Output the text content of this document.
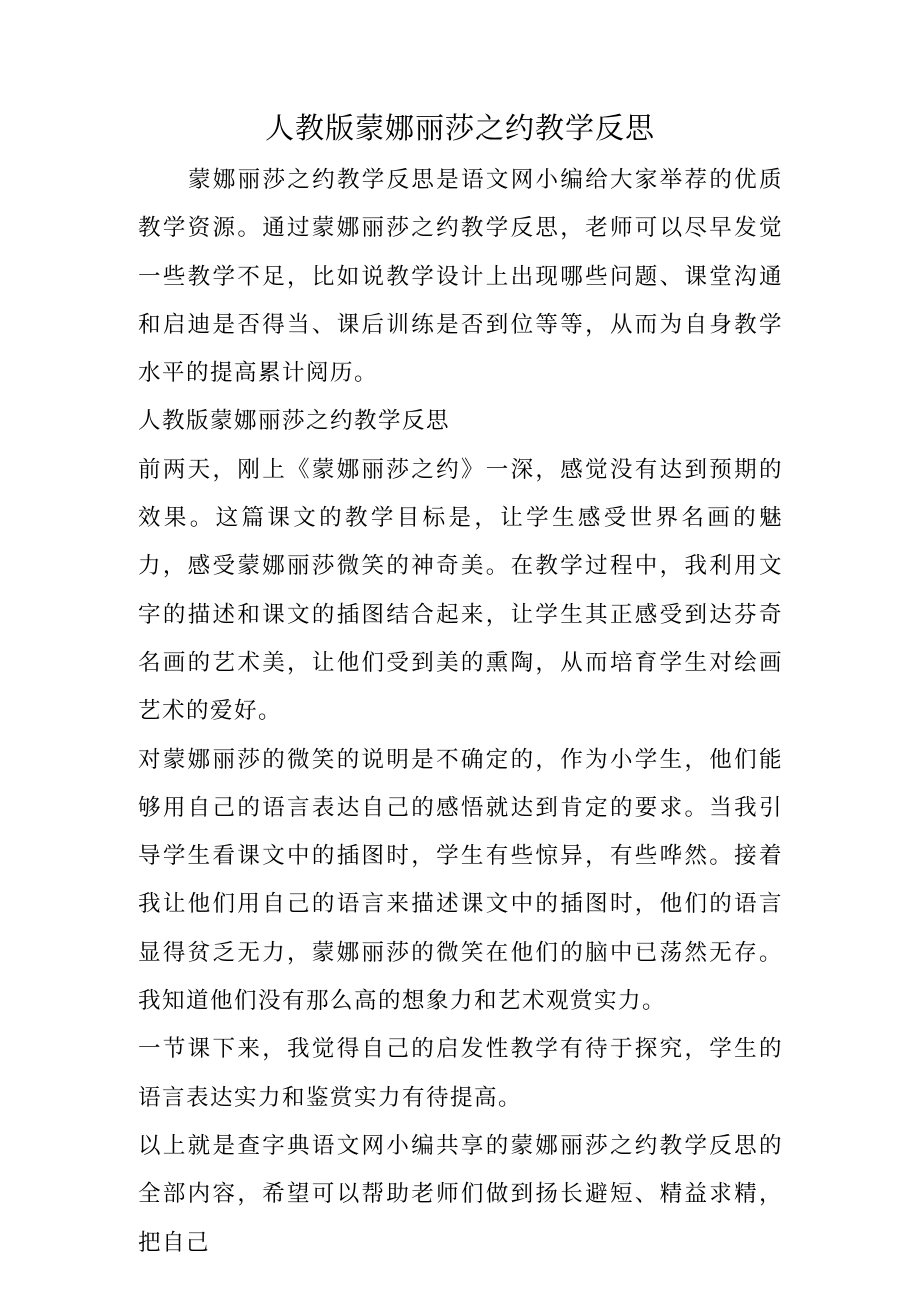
人教版蒙娜丽莎之约教学反思

蒙娜丽莎之约教学反思是语文网小编给大家举荐的优质教学资源。通过蒙娜丽莎之约教学反思，老师可以尽早发觉一些教学不足，比如说教学设计上出现哪些问题、课堂沟通和启迪是否得当、课后训练是否到位等等，从而为自身教学水平的提高累计阅历。

人教版蒙娜丽莎之约教学反思

前两天，刚上《蒙娜丽莎之约》一深，感觉没有达到预期的效果。这篇课文的教学目标是，让学生感受世界名画的魅力，感受蒙娜丽莎微笑的神奇美。在教学过程中，我利用文字的描述和课文的插图结合起来，让学生其正感受到达芬奇名画的艺术美，让他们受到美的熏陶，从而培育学生对绘画艺术的爱好。

对蒙娜丽莎的微笑的说明是不确定的，作为小学生，他们能够用自己的语言表达自己的感悟就达到肯定的要求。当我引导学生看课文中的插图时，学生有些惊异，有些哗然。接着我让他们用自己的语言来描述课文中的插图时，他们的语言显得贫乏无力，蒙娜丽莎的微笑在他们的脑中已荡然无存。我知道他们没有那么高的想象力和艺术观赏实力。

一节课下来，我觉得自己的启发性教学有待于探究，学生的语言表达实力和鉴赏实力有待提高。

以上就是查字典语文网小编共享的蒙娜丽莎之约教学反思的全部内容，希望可以帮助老师们做到扬长避短、精益求精，把自己
